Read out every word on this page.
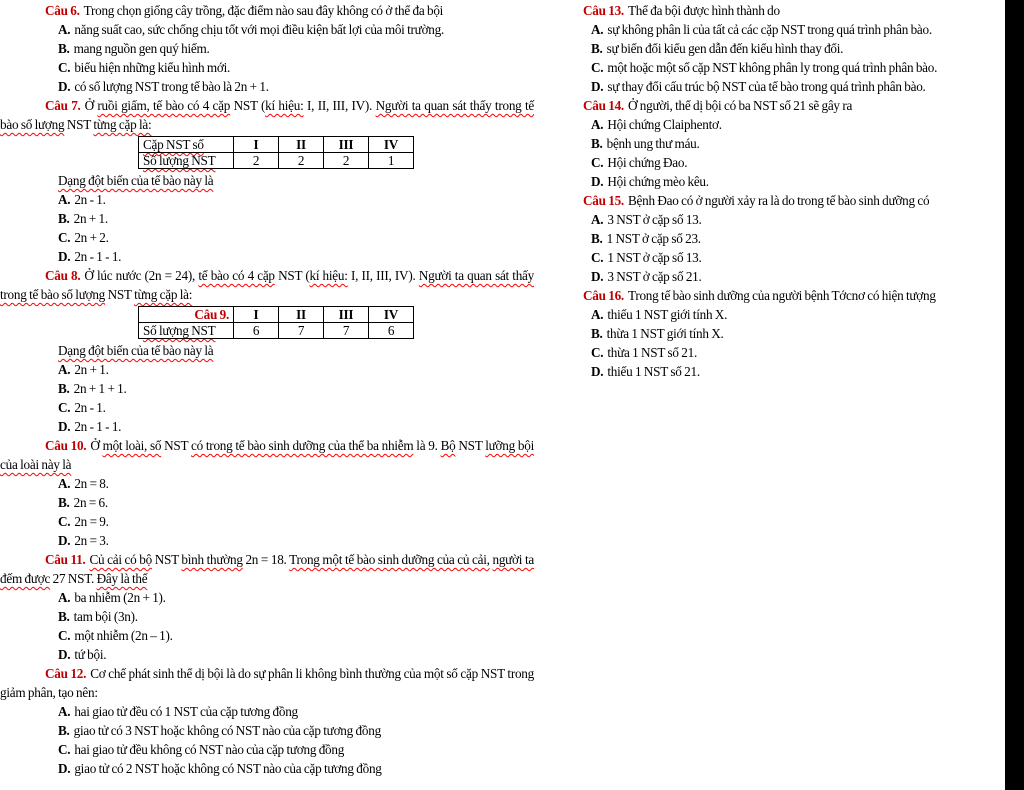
Câu 6. Trong chọn giống cây trồng, đặc điểm nào sau đây không có ở thể đa bội

A. năng suất cao, sức chống chịu tốt với mọi điều kiện bất lợi của môi trường.

B. mang nguồn gen quý hiếm.

C. biểu hiện những kiểu hình mới.

D. có số lượng NST trong tế bào là 2n + 1.

Câu 7. Ở ruồi giấm, tế bào có 4 cặp NST (kí hiệu: I, II, III, IV). Người ta quan sát thấy trong tế bào số lượng NST từng cặp là:

Cặp NST số	I	II	III	IV
Số lượng NST	2	2	2	1

Dạng đột biến của tế bào này là

A. 2n - 1.

B. 2n + 1.

C. 2n + 2.

D. 2n - 1 - 1.

Câu 8. Ở lúc nước (2n = 24), tế bào có 4 cặp NST (kí hiệu: I, II, III, IV). Người ta quan sát thấy trong tế bào số lượng NST từng cặp là:

Câu 9.	I	II	III	IV
Số lượng NST	6	7	7	6

Dạng đột biến của tế bào này là

A. 2n + 1.

B. 2n + 1 + 1.

C. 2n - 1.

D. 2n - 1 - 1.

Câu 10. Ở một loài, số NST có trong tế bào sinh dưỡng của thể ba nhiễm là 9. Bộ NST lưỡng bội của loài này là

A. 2n = 8.

B. 2n = 6.

C. 2n = 9.

D. 2n = 3.

Câu 11. Củ cải có bộ NST bình thường 2n = 18. Trong một tế bào sinh dưỡng của củ cải, người ta đếm được 27 NST. Đây là thể

A. ba nhiễm (2n + 1).

B. tam bội (3n).

C. một nhiễm (2n – 1).

D. tứ bội.

Câu 12. Cơ chế phát sinh thể dị bội là do sự phân li không bình thường của một số cặp NST trong giảm phân, tạo nên:

A. hai giao tử đều có 1 NST của cặp tương đồng

B. giao tử có 3 NST hoặc không có NST nào của cặp tương đồng

C. hai giao tử đều không có NST nào của cặp tương đồng

D. giao tử có 2 NST hoặc không có NST nào của cặp tương đồng

Câu 13. Thể đa bội được hình thành do

A. sự không phân li của tất cả các cặp NST trong quá trình phân bào.

B. sự biến đổi kiểu gen dẫn đến kiểu hình thay đổi.

C. một hoặc một số cặp NST không phân ly trong quá trình phân bào.

D. sự thay đổi cấu trúc bộ NST của tế bào trong quá trình phân bào.

Câu 14. Ở người, thể dị bội có ba NST số 21 sẽ gây ra

A. Hội chứng Claiphentơ.

B. bệnh ung thư máu.

C. Hội chứng Đao.

D. Hội chứng mèo kêu.

Câu 15. Bệnh Đao có ở người xảy ra là do trong tế bào sinh dưỡng có

A. 3 NST ở cặp số 13.

B. 1 NST ở cặp số 23.

C. 1 NST ở cặp số 13.

D. 3 NST ở cặp số 21.

Câu 16. Trong tế bào sinh dưỡng của người bệnh Tớcnơ có hiện tượng

A. thiếu 1 NST giới tính X.

B. thừa 1 NST giới tính X.

C. thừa 1 NST số 21.

D. thiếu 1 NST số 21.
